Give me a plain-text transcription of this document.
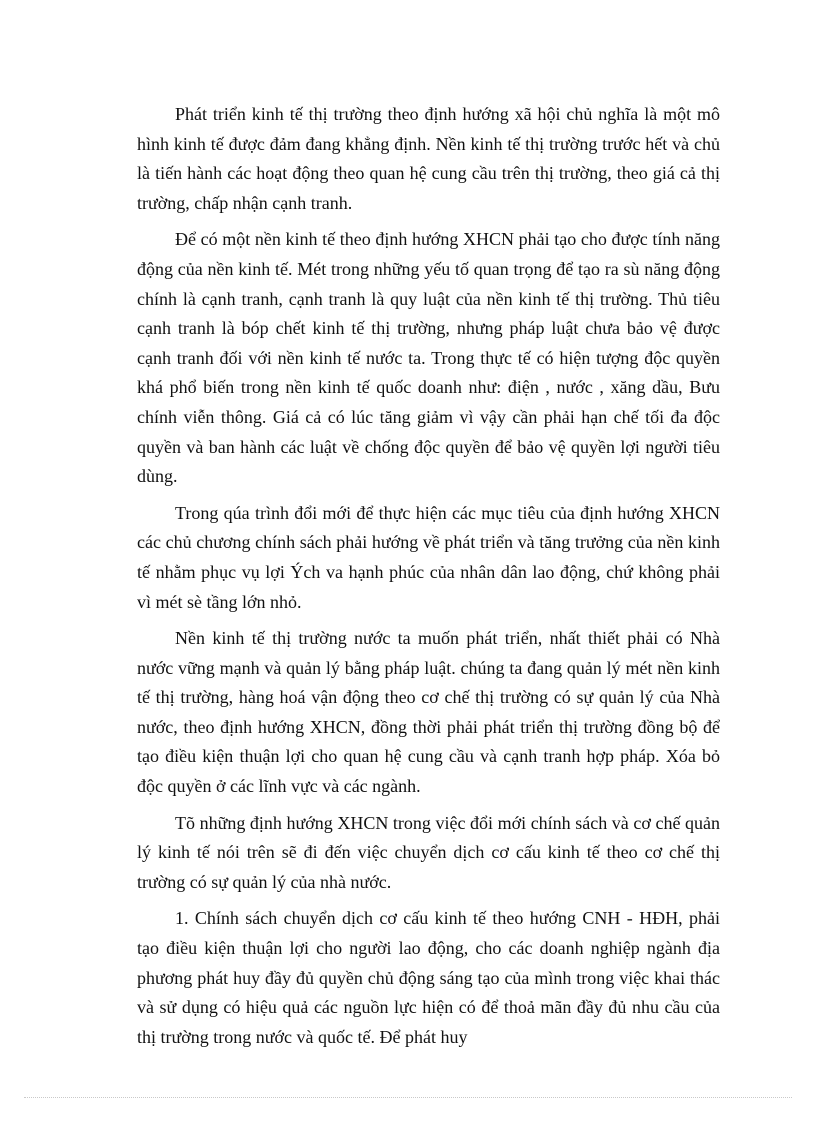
Phát triển kinh tế thị trường theo định hướng xã hội chủ nghĩa là một mô hình kinh tế được đảm đang khẳng định. Nền kinh tế thị trường trước hết và chủ là tiến hành các hoạt động theo quan hệ cung cầu trên thị trường, theo giá cả thị trường, chấp nhận cạnh tranh.

Để có một nền kinh tế theo định hướng XHCN phải tạo cho được tính năng động của nền kinh tế. Mét trong những yếu tố quan trọng để tạo ra sù năng động chính là cạnh tranh, cạnh tranh là quy luật của nền kinh tế thị trường. Thủ tiêu cạnh tranh là bóp chết kinh tế thị trường, nhưng pháp luật chưa bảo vệ được cạnh tranh đối với nền kinh tế nước ta. Trong thực tế có hiện tượng độc quyền khá phổ biến trong nền kinh tế quốc doanh như: điện , nước , xăng dầu, Bưu chính viễn thông. Giá cả có lúc tăng giảm vì vậy cần phải hạn chế tối đa độc quyền và ban hành các luật về chống độc quyền để bảo vệ quyền lợi người tiêu dùng.

Trong qúa trình đổi mới để thực hiện các mục tiêu của định hướng XHCN các chủ chương chính sách phải hướng về phát triển và tăng trưởng của nền kinh tế nhằm phục vụ lợi Ých va hạnh phúc của nhân dân lao động, chứ không phải vì mét sè tầng lớn nhỏ.

Nền kinh tế thị trường nước ta muốn phát triển, nhất thiết phải có Nhà nước vững mạnh và quản lý bằng pháp luật. chúng ta đang quản lý mét nền kinh tế thị trường, hàng hoá vận động theo cơ chế thị trường có sự quản lý của Nhà nước, theo định hướng XHCN, đồng thời phải phát triển thị trường đồng bộ để tạo điều kiện thuận lợi cho quan hệ cung cầu và cạnh tranh hợp pháp. Xóa bỏ độc quyền ở các lĩnh vực và các ngành.

Tõ những định hướng XHCN trong việc đổi mới chính sách và cơ chế quản lý kinh tế nói trên sẽ đi đến việc chuyển dịch cơ cấu kinh tế theo cơ chế thị trường có sự quản lý của nhà nước.

1. Chính sách chuyển dịch cơ cấu kinh tế theo hướng CNH - HĐH, phải tạo điều kiện thuận lợi cho người lao động, cho các doanh nghiệp ngành địa phương phát huy đầy đủ quyền chủ động sáng tạo của mình trong việc khai thác và sử dụng có hiệu quả các nguồn lực hiện có để thoả mãn đầy đủ nhu cầu của thị trường trong nước và quốc tế. Để phát huy
